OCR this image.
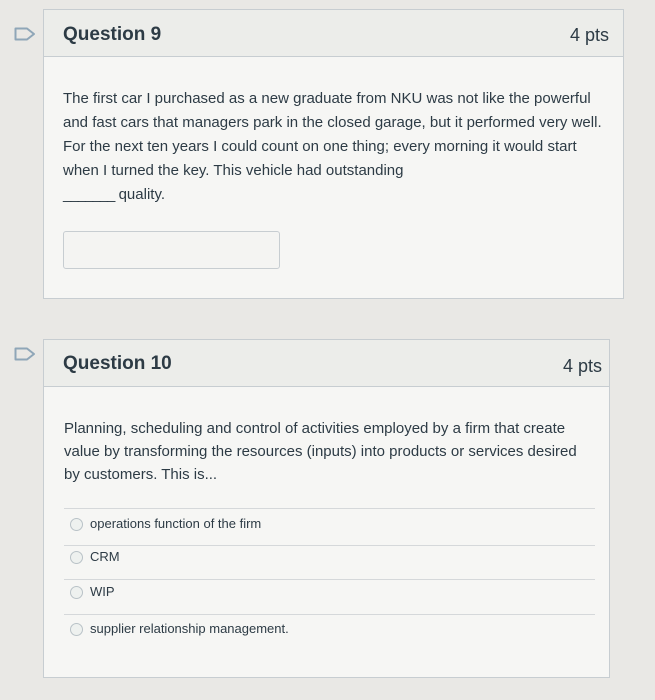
Question 9	4 pts
The first car I purchased as a new graduate from NKU was not like the powerful and fast cars that managers park in the closed garage, but it performed very well. For the next ten years I could count on one thing; every morning it would start when I turned the key. This vehicle had outstanding
_______ quality.
Question 10	4 pts
Planning, scheduling and control of activities employed by a firm that create value by transforming the resources (inputs) into products or services desired by customers. This is...
operations function of the firm
CRM
WIP
supplier relationship management.
